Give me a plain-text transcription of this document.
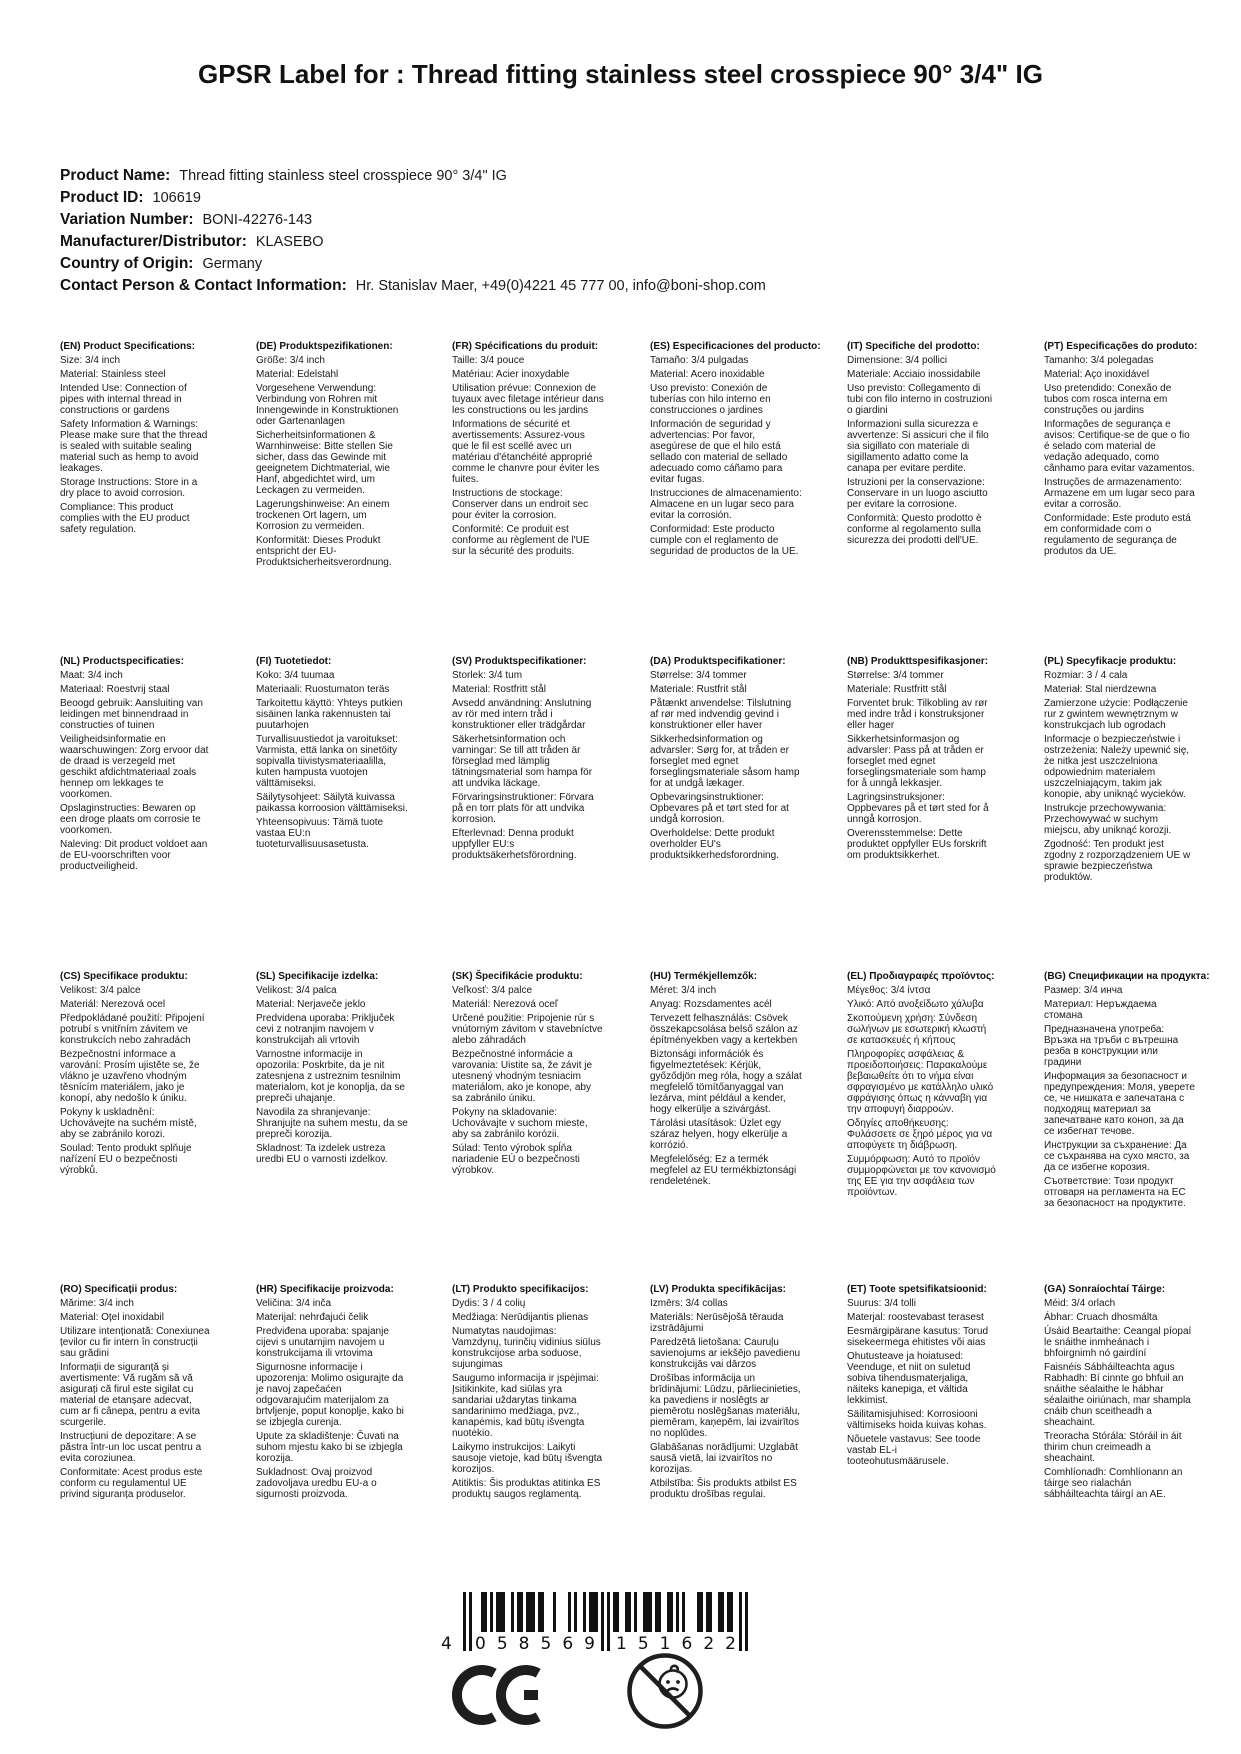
GPSR Label for : Thread fitting stainless steel crosspiece 90° 3/4" IG
Product Name: Thread fitting stainless steel crosspiece 90° 3/4" IG
Product ID: 106619
Variation Number: BONI-42276-143
Manufacturer/Distributor: KLASEBO
Country of Origin: Germany
Contact Person & Contact Information: Hr. Stanislav Maer, +49(0)4221 45 777 00, info@boni-shop.com
(EN) Product Specifications:

Size: 3/4 inch

Material: Stainless steel

Intended Use: Connection of pipes with internal thread in constructions or gardens

Safety Information & Warnings: Please make sure that the thread is sealed with suitable sealing material such as hemp to avoid leakages.

Storage Instructions: Store in a dry place to avoid corrosion.

Compliance: This product complies with the EU product safety regulation.

(DE) Produktspezifikationen:

Größe: 3/4 inch

Material: Edelstahl

Vorgesehene Verwendung: Verbindung von Rohren mit Innengewinde in Konstruktionen oder Gartenanlagen

Sicherheitsinformationen & Warnhinweise: Bitte stellen Sie sicher, dass das Gewinde mit geeignetem Dichtmaterial, wie Hanf, abgedichtet wird, um Leckagen zu vermeiden.

Lagerungshinweise: An einem trockenen Ort lagern, um Korrosion zu vermeiden.

Konformität: Dieses Produkt entspricht der EU-Produktsicherheitsverordnung.

(FR) Spécifications du produit:

Taille: 3/4 pouce

Matériau: Acier inoxydable

Utilisation prévue: Connexion de tuyaux avec filetage intérieur dans les constructions ou les jardins

Informations de sécurité et avertissements: Assurez-vous que le fil est scellé avec un matériau d'étanchéité approprié comme le chanvre pour éviter les fuites.

Instructions de stockage: Conserver dans un endroit sec pour éviter la corrosion.

Conformité: Ce produit est conforme au règlement de l'UE sur la sécurité des produits.

(ES) Especificaciones del producto:

Tamaño: 3/4 pulgadas

Material: Acero inoxidable

Uso previsto: Conexión de tuberías con hilo interno en construcciones o jardines

Información de seguridad y advertencias: Por favor, asegúrese de que el hilo está sellado con material de sellado adecuado como cáñamo para evitar fugas.

Instrucciones de almacenamiento: Almacene en un lugar seco para evitar la corrosión.

Conformidad: Este producto cumple con el reglamento de seguridad de productos de la UE.

(IT) Specifiche del prodotto:

Dimensione: 3/4 pollici

Materiale: Acciaio inossidabile

Uso previsto: Collegamento di tubi con filo interno in costruzioni o giardini

Informazioni sulla sicurezza e avvertenze: Si assicuri che il filo sia sigillato con materiale di sigillamento adatto come la canapa per evitare perdite.

Istruzioni per la conservazione: Conservare in un luogo asciutto per evitare la corrosione.

Conformità: Questo prodotto è conforme al regolamento sulla sicurezza dei prodotti dell'UE.

(PT) Especificações do produto:

Tamanho: 3/4 polegadas

Material: Aço inoxidável

Uso pretendido: Conexão de tubos com rosca interna em construções ou jardins

Informações de segurança e avisos: Certifique-se de que o fio é selado com material de vedação adequado, como cânhamo para evitar vazamentos.

Instruções de armazenamento: Armazene em um lugar seco para evitar a corrosão.

Conformidade: Este produto está em conformidade com o regulamento de segurança de produtos da UE.

(NL) Productspecificaties:

Maat: 3/4 inch

Materiaal: Roestvrij staal

Beoogd gebruik: Aansluiting van leidingen met binnendraad in constructies of tuinen

Veiligheidsinformatie en waarschuwingen: Zorg ervoor dat de draad is verzegeld met geschikt afdichtmateriaal zoals hennep om lekkages te voorkomen.

Opslaginstructies: Bewaren op een droge plaats om corrosie te voorkomen.

Naleving: Dit product voldoet aan de EU-voorschriften voor productveiligheid.

(FI) Tuotetiedot:

Koko: 3/4 tuumaa

Materiaali: Ruostumaton teräs

Tarkoitettu käyttö: Yhteys putkien sisäinen lanka rakennusten tai puutarhojen

Turvallisuustiedot ja varoitukset: Varmista, että lanka on sinetöity sopivalla tiivistysmateriaalilla, kuten hampusta vuotojen välttämiseksi.

Säilytysohjeet: Säilytä kuivassa paikassa korroosion välttämiseksi.

Yhteensopivuus: Tämä tuote vastaa EU:n tuoteturvallisuusasetusta.

(SV) Produktspecifikationer:

Storlek: 3/4 tum

Material: Rostfritt stål

Avsedd användning: Anslutning av rör med intern tråd i konstruktioner eller trädgårdar

Säkerhetsinformation och varningar: Se till att tråden är förseglad med lämplig tätningsmaterial som hampa för att undvika läckage.

Förvaringsinstruktioner: Förvara på en torr plats för att undvika korrosion.

Efterlevnad: Denna produkt uppfyller EU:s produktsäkerhetsförordning.

(DA) Produktspecifikationer:

Størrelse: 3/4 tommer

Materiale: Rustfrit stål

Påtænkt anvendelse: Tilslutning af rør med indvendig gevind i konstruktioner eller haver

Sikkerhedsinformation og advarsler: Sørg for, at tråden er forseglet med egnet forseglingsmateriale såsom hamp for at undgå lækager.

Opbevaringsinstruktioner: Opbevares på et tørt sted for at undgå korrosion.

Overholdelse: Dette produkt overholder EU's produktsikkerhedsforordning.

(NB) Produkttspesifikasjoner:

Størrelse: 3/4 tommer

Materiale: Rustfritt stål

Forventet bruk: Tilkobling av rør med indre tråd i konstruksjoner eller hager

Sikkerhetsinformasjon og advarsler: Pass på at tråden er forseglet med egnet forseglingsmateriale som hamp for å unngå lekkasjer.

Lagringsinstruksjoner: Oppbevares på et tørt sted for å unngå korrosjon.

Overensstemmelse: Dette produktet oppfyller EUs forskrift om produktsikkerhet.

(PL) Specyfikacje produktu:

Rozmiar: 3 / 4 cala

Materiał: Stal nierdzewna

Zamierzone użycie: Podłączenie rur z gwintem wewnętrznym w konstrukcjach lub ogrodach

Informacje o bezpieczeństwie i ostrzeżenia: Należy upewnić się, że nitka jest uszczelniona odpowiednim materiałem uszczelniającym, takim jak konopie, aby uniknąć wycieków.

Instrukcje przechowywania: Przechowywać w suchym miejscu, aby uniknąć korozji.

Zgodność: Ten produkt jest zgodny z rozporządzeniem UE w sprawie bezpieczeństwa produktów.

(CS) Specifikace produktu:

Velikost: 3/4 palce

Materiál: Nerezová ocel

Předpokládané použití: Připojení potrubí s vnitřním závitem ve konstrukcích nebo zahradách

Bezpečnostní informace a varování: Prosím ujistěte se, že vlákno je uzavřeno vhodným těsnícím materiálem, jako je konopí, aby nedošlo k úniku.

Pokyny k uskladnění: Uchovávejte na suchém místě, aby se zabránilo korozi.

Soulad: Tento produkt splňuje nařízení EU o bezpečnosti výrobků.

(SL) Specifikacije izdelka:

Velikost: 3/4 palca

Material: Nerjaveče jeklo

Predvidena uporaba: Priključek cevi z notranjim navojem v konstrukcijah ali vrtovih

Varnostne informacije in opozorila: Poskrbite, da je nit zatesnjena z ustreznim tesnilnim materialom, kot je konoplja, da se prepreči uhajanje.

Navodila za shranjevanje: Shranjujte na suhem mestu, da se prepreči korozija.

Skladnost: Ta izdelek ustreza uredbi EU o varnosti izdelkov.

(SK) Špecifikácie produktu:

Veľkosť: 3/4 palce

Materiál: Nerezová oceľ

Určené použitie: Pripojenie rúr s vnútorným závitom v stavebníctve alebo záhradách

Bezpečnostné informácie a varovania: Uistite sa, že závit je utesnený vhodným tesniacim materiálom, ako je konope, aby sa zabránilo úniku.

Pokyny na skladovanie: Uchovávajte v suchom mieste, aby sa zabránilo korózii.

Súlad: Tento výrobok spĺňa nariadenie EÚ o bezpečnosti výrobkov.

(HU) Termékjellemzők:

Méret: 3/4 inch

Anyag: Rozsdamentes acél

Tervezett felhasználás: Csövek összekapcsolása belső szálon az építményekben vagy a kertekben

Biztonsági információk és figyelmeztetések: Kérjük, győződjön meg róla, hogy a szálat megfelelő tömítőanyaggal van lezárva, mint például a kender, hogy elkerülje a szivárgást.

Tárolási utasítások: Üzlet egy száraz helyen, hogy elkerülje a korrózió.

Megfelelőség: Ez a termék megfelel az EU termékbiztonsági rendeletének.

(EL) Προδιαγραφές προϊόντος:

Μέγεθος: 3/4 ίντσα

Υλικό: Από ανοξείδωτο χάλυβα

Σκοπούμενη χρήση: Σύνδεση σωλήνων με εσωτερική κλωστή σε κατασκευές ή κήπους

Πληροφορίες ασφάλειας & προειδοποιήσεις: Παρακαλούμε βεβαιωθείτε ότι το νήμα είναι σφραγισμένο με κατάλληλο υλικό σφράγισης όπως η κάνναβη για την αποφυγή διαρροών.

Οδηγίες αποθήκευσης: Φυλάσσετε σε ξηρό μέρος για να αποφύγετε τη διάβρωση.

Συμμόρφωση: Αυτό το προϊόν συμμορφώνεται με τον κανονισμό της ΕΕ για την ασφάλεια των προϊόντων.

(BG) Спецификации на продукта:

Размер: 3/4 инча

Материал: Неръждаема стомана

Предназначена употреба: Връзка на тръби с вътрешна резба в конструкции или градини

Информация за безопасност и предупреждения: Моля, уверете се, че нишката е запечатана с подходящ материал за запечатване като коноп, за да се избегнат течове.

Инструкции за съхранение: Да се съхранява на сухо място, за да се избегне корозия.

Съответствие: Този продукт отговаря на регламента на ЕС за безопасност на продуктите.

(RO) Specificații produs:

Mărime: 3/4 inch

Material: Oțel inoxidabil

Utilizare intenționată: Conexiunea țevilor cu fir intern în construcții sau grădini

Informații de siguranță și avertismente: Vă rugăm să vă asigurați că firul este sigilat cu material de etanșare adecvat, cum ar fi cânepa, pentru a evita scurgerile.

Instrucțiuni de depozitare: A se păstra într-un loc uscat pentru a evita coroziunea.

Conformitate: Acest produs este conform cu regulamentul UE privind siguranța produselor.

(HR) Specifikacije proizvoda:

Veličina: 3/4 inča

Materijal: nehrđajući čelik

Predviđena uporaba: spajanje cijevi s unutarnjim navojem u konstrukcijama ili vrtovima

Sigurnosne informacije i upozorenja: Molimo osigurajte da je navoj zapečaćen odgovarajućim materijalom za brtvljenje, poput konoplje, kako bi se izbjegla curenja.

Upute za skladištenje: Čuvati na suhom mjestu kako bi se izbjegla korozija.

Sukladnost: Ovaj proizvod zadovoljava uredbu EU-a o sigurnosti proizvoda.

(LT) Produkto specifikacijos:

Dydis: 3 / 4 colių

Medžiaga: Nerūdijantis plienas

Numatytas naudojimas: Vamzdynų, turinčių vidinius siūlus konstrukcijose arba soduose, sujungimas

Saugumo informacija ir įspėjimai: Įsitikinkite, kad siūlas yra sandariai uždarytas tinkama sandarinimo medžiaga, pvz., kanapėmis, kad būtų išvengta nuotėkio.

Laikymo instrukcijos: Laikyti sausoje vietoje, kad būtų išvengta korozijos.

Atitiktis: Šis produktas atitinka ES produktų saugos reglamentą.

(LV) Produkta specifikācijas:

Izmērs: 3/4 collas

Materiāls: Nerūsējošā tērauda izstrādājumi

Paredzētā lietošana: Cauruļu savienojums ar iekšējo pavedienu konstrukcijās vai dārzos

Drošības informācija un brīdinājumi: Lūdzu, pārliecinieties, ka pavediens ir noslēgts ar piemērotu noslēgšanas materiālu, piemēram, kaņepēm, lai izvairītos no noplūdes.

Glabāšanas norādījumi: Uzglabāt sausā vietā, lai izvairītos no korozijas.

Atbilstība: Šis produkts atbilst ES produktu drošības regulai.

(ET) Toote spetsifikatsioonid:

Suurus: 3/4 tolli

Materjal: roostevabast terasest

Eesmärgipärane kasutus: Torud sisekeermega ehitistes või aias

Ohutusteave ja hoiatused: Veenduge, et niit on suletud sobiva tihendusmaterjaliga, näiteks kanepiga, et vältida lekkimist.

Säilitamisjuhised: Korrosiooni vältimiseks hoida kuivas kohas.

Nõuetele vastavus: See toode vastab EL-i tooteohutusmäärusele.

(GA) Sonraíochtaí Táirge:

Méid: 3/4 orlach

Ábhar: Cruach dhosmálta

Úsáid Beartaithe: Ceangal píopaí le snáithe inmheánach i bhfoirgnimh nó gairdíní

Faisnéis Sábháilteachta agus Rabhadh: Bí cinnte go bhfuil an snáithe séalaithe le hábhar séalaithe oiriúnach, mar shampla cnáib chun sceitheadh a sheachaint.

Treoracha Stórála: Stóráil in áit thirim chun creimeadh a sheachaint.

Comhlíonadh: Comhlíonann an táirge seo rialachán sábháilteachta táirgí an AE.

4 0 5 8 5 6 9 1 5 1 6 2 2
